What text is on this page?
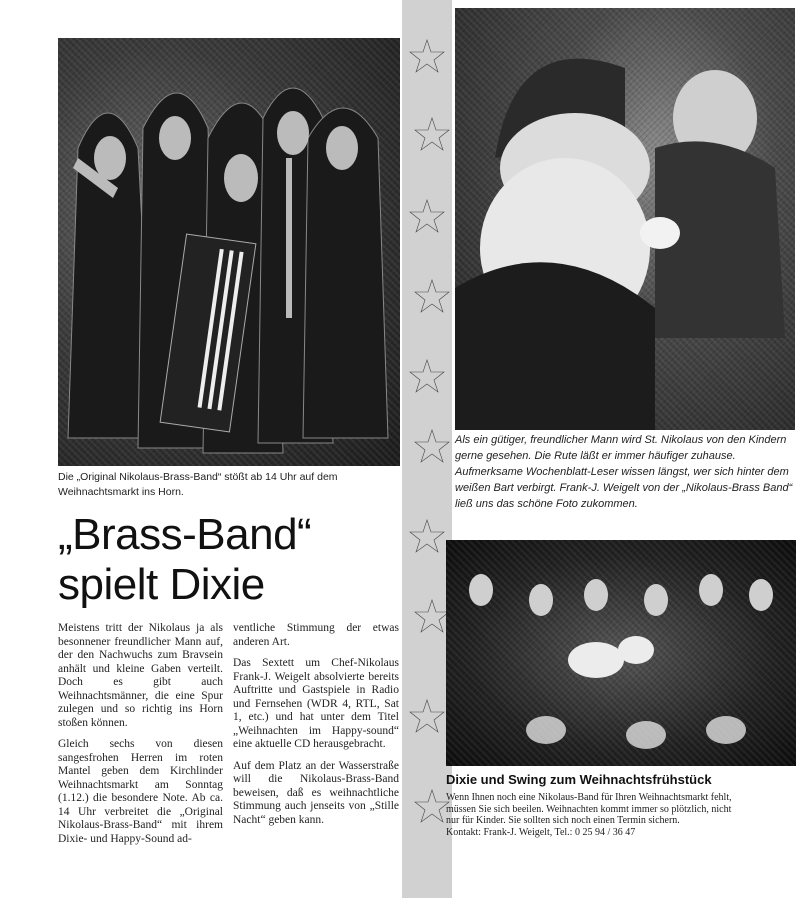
Die „Original Nikolaus-Brass-Band“ stößt ab 14 Uhr auf dem Weihnachtsmarkt ins Horn.
Als ein gütiger, freundlicher Mann wird St. Nikolaus von den Kindern gerne gesehen. Die Rute läßt er immer häufiger zuhause. Aufmerksame Wochenblatt-Leser wissen längst, wer sich hinter dem weißen Bart verbirgt. Frank-J. Weigelt von der „Nikolaus-Brass Band“ ließ uns das schöne Foto zukommen.
„Brass-Band“
spielt Dixie

Meistens tritt der Nikolaus ja als besonnener freundlicher Mann auf, der den Nachwuchs zum Bravsein anhält und kleine Gaben verteilt. Doch es gibt auch Weihnachtsmänner, die eine Spur zulegen und so richtig ins Horn stoßen können.

Gleich sechs von diesen sangesfrohen Herren im roten Mantel geben dem Kirchlinder Weihnachtsmarkt am Sonntag (1.12.) die besondere Note. Ab ca. 14 Uhr verbreitet die „Original Nikolaus-Brass-Band“ mit ihrem Dixie- und Happy-Sound ad-

ventliche Stimmung der etwas anderen Art.

Das Sextett um Chef-Nikolaus Frank-J. Weigelt absolvierte bereits Auftritte und Gastspiele in Radio und Fernsehen (WDR 4, RTL, Sat 1, etc.) und hat unter dem Titel „Weihnachten im Happy-sound“ eine aktuelle CD herausgebracht.

Auf dem Platz an der Wasserstraße will die Nikolaus-Brass-Band beweisen, daß es weihnachtliche Stimmung auch jenseits von „Stille Nacht“ geben kann.

Dixie und Swing zum Weihnachtsfrühstück

Wenn Ihnen noch eine Nikolaus-Band für Ihren Weihnachtsmarkt fehlt,

müssen Sie sich beeilen. Weihnachten kommt immer so plötzlich, nicht

nur für Kinder. Sie sollten sich noch einen Termin sichern.

Kontakt: Frank-J. Weigelt, Tel.: 0 25 94 / 36 47
